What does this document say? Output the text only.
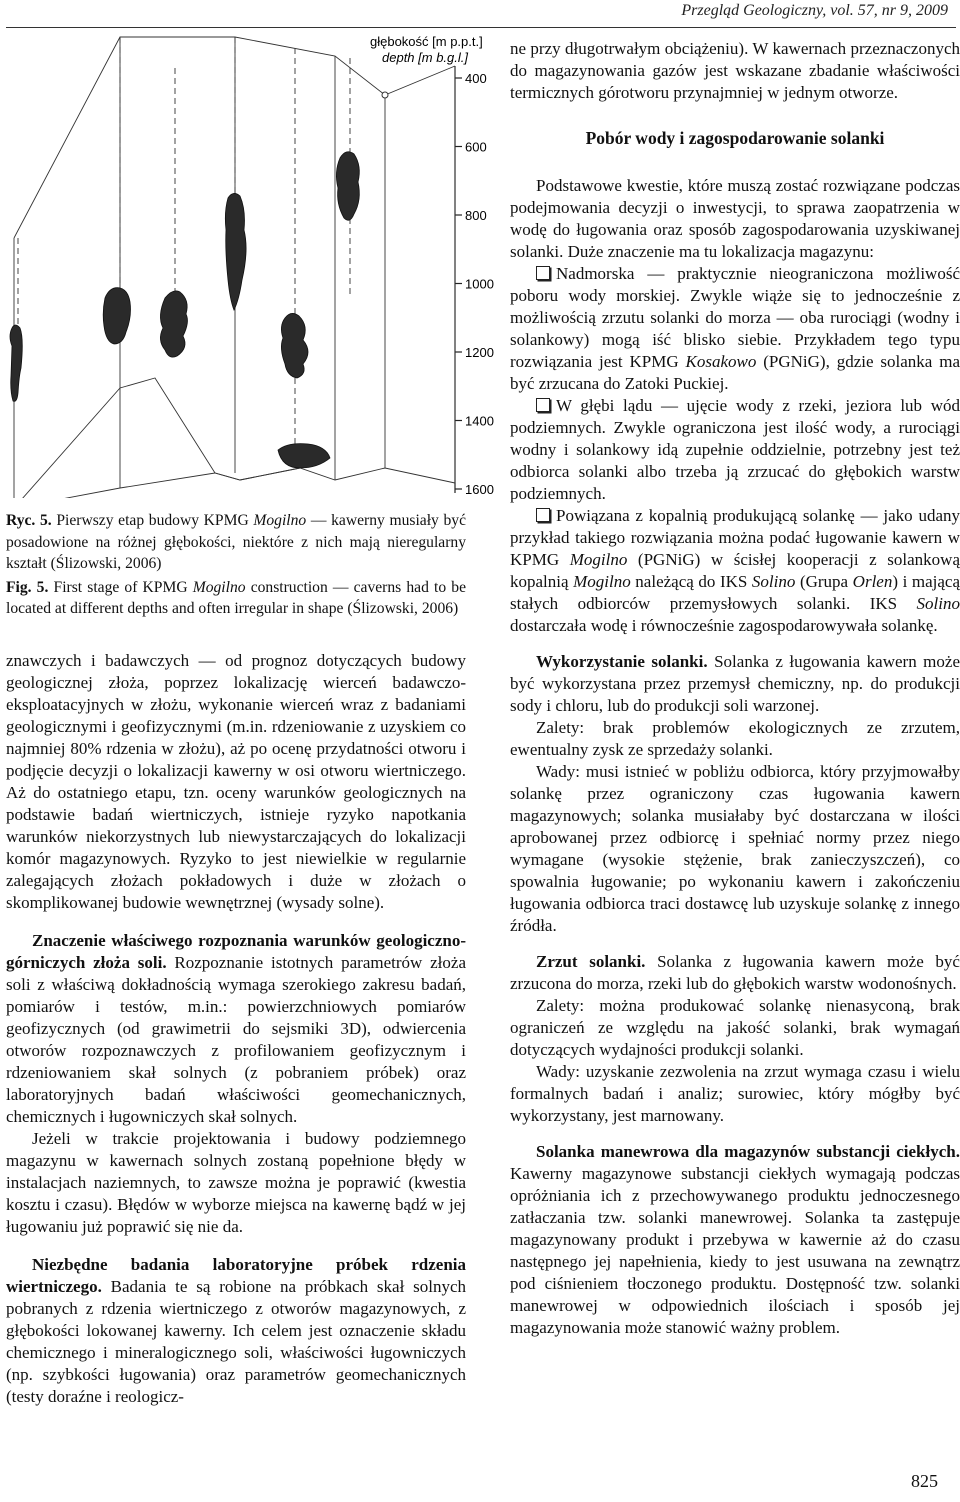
Przegląd Geologiczny, vol. 57, nr 9, 2009
głębokość [m p.p.t.]
depth [m b.g.l.]
400
600
800
1000
1200
1400
1600

Ryc. 5. Pierwszy etap budowy KPMG Mogilno — kawerny musiały być posadowione na różnej głębokości, niektóre z nich mają nieregularny kształt (Ślizowski, 2006)

Fig. 5. First stage of KPMG Mogilno construction — caverns had to be located at different depths and often irregular in shape (Ślizowski, 2006)

znawczych i badawczych — od prognoz dotyczących budowy geologicznej złoża, poprzez lokalizację wierceń badawczo-eksploatacyjnych w złożu, wykonanie wierceń wraz z badaniami geologicznymi i geofizycznymi (m.in. rdzeniowanie z uzyskiem co najmniej 80% rdzenia w złożu), aż po ocenę przydatności otworu i podjęcie decyzji o lokalizacji kawerny w osi otworu wiertniczego. Aż do ostatniego etapu, tzn. oceny warunków geologicznych na podstawie badań wiertniczych, istnieje ryzyko napotkania warunków niekorzystnych lub niewystarczających do lokalizacji komór magazynowych. Ryzyko to jest niewielkie w regularnie zalegających złożach pokładowych i duże w złożach o skomplikowanej budowie wewnętrznej (wysady solne).

Znaczenie właściwego rozpoznania warunków geologiczno-górniczych złoża soli. Rozpoznanie istotnych parametrów złoża soli z właściwą dokładnością wymaga szerokiego zakresu badań, pomiarów i testów, m.in.: powierzchniowych pomiarów geofizycznych (od grawimetrii do sejsmiki 3D), odwiercenia otworów rozpoznawczych z profilowaniem geofizycznym i rdzeniowaniem skał solnych (z pobraniem próbek) oraz laboratoryjnych badań właściwości geomechanicznych, chemicznych i ługowniczych skał solnych.

Jeżeli w trakcie projektowania i budowy podziemnego magazynu w kawernach solnych zostaną popełnione błędy w instalacjach naziemnych, to zawsze można je poprawić (kwestia kosztu i czasu). Błędów w wyborze miejsca na kawernę bądź w jej ługowaniu już poprawić się nie da.

Niezbędne badania laboratoryjne próbek rdzenia wiertniczego. Badania te są robione na próbkach skał solnych pobranych z rdzenia wiertniczego z otworów magazynowych, z głębokości lokowanej kawerny. Ich celem jest oznaczenie składu chemicznego i mineralogicznego soli, właściwości ługowniczych (np. szybkości ługowania) oraz parametrów geomechanicznych (testy doraźne i reologicz-

ne przy długotrwałym obciążeniu). W kawernach przeznaczonych do magazynowania gazów jest wskazane zbadanie właściwości termicznych górotworu przynajmniej w jednym otworze.

Pobór wody i zagospodarowanie solanki

Podstawowe kwestie, które muszą zostać rozwiązane podczas podejmowania decyzji o inwestycji, to sprawa zaopatrzenia w wodę do ługowania oraz sposób zagospodarowania uzyskiwanej solanki. Duże znaczenie ma tu lokalizacja magazynu:

Nadmorska — praktycznie nieograniczona możliwość poboru wody morskiej. Zwykle wiąże się to jednocześnie z możliwością zrzutu solanki do morza — oba rurociągi (wodny i solankowy) mogą iść blisko siebie. Przykładem tego typu rozwiązania jest KPMG Kosakowo (PGNiG), gdzie solanka ma być zrzucana do Zatoki Puckiej.

W głębi lądu — ujęcie wody z rzeki, jeziora lub wód podziemnych. Zwykle ograniczona jest ilość wody, a rurociągi wodny i solankowy idą zupełnie oddzielnie, potrzebny jest też odbiorca solanki albo trzeba ją zrzucać do głębokich warstw podziemnych.

Powiązana z kopalnią produkującą solankę — jako udany przykład takiego rozwiązania można podać ługowanie kawern w KPMG Mogilno (PGNiG) w ścisłej kooperacji z solankową kopalnią Mogilno należącą do IKS Solino (Grupa Orlen) i mającą stałych odbiorców przemysłowych solanki. IKS Solino dostarczała wodę i równocześnie zagospodarowywała solankę.

Wykorzystanie solanki. Solanka z ługowania kawern może być wykorzystana przez przemysł chemiczny, np. do produkcji sody i chloru, lub do produkcji soli warzonej.

Zalety: brak problemów ekologicznych ze zrzutem, ewentualny zysk ze sprzedaży solanki.

Wady: musi istnieć w pobliżu odbiorca, który przyjmowałby solankę przez ograniczony czas ługowania kawern magazynowych; solanka musiałaby być dostarczana w ilości aprobowanej przez odbiorcę i spełniać normy przez niego wymagane (wysokie stężenie, brak zanieczyszczeń), co spowalnia ługowanie; po wykonaniu kawern i zakończeniu ługowania odbiorca traci dostawcę lub uzyskuje solankę z innego źródła.

Zrzut solanki. Solanka z ługowania kawern może być zrzucona do morza, rzeki lub do głębokich warstw wodonośnych.

Zalety: można produkować solankę nienasyconą, brak ograniczeń ze względu na jakość solanki, brak wymagań dotyczących wydajności produkcji solanki.

Wady: uzyskanie zezwolenia na zrzut wymaga czasu i wielu formalnych badań i analiz; surowiec, który mógłby być wykorzystany, jest marnowany.

Solanka manewrowa dla magazynów substancji ciekłych. Kawerny magazynowe substancji ciekłych wymagają podczas opróżniania ich z przechowywanego produktu jednoczesnego zatłaczania tzw. solanki manewrowej. Solanka ta zastępuje magazynowany produkt i przebywa w kawernie aż do czasu następnego jej napełnienia, kiedy to jest usuwana na zewnątrz pod ciśnieniem tłoczonego produktu. Dostępność tzw. solanki manewrowej w odpowiednich ilościach i sposób jej magazynowania może stanowić ważny problem.

825
